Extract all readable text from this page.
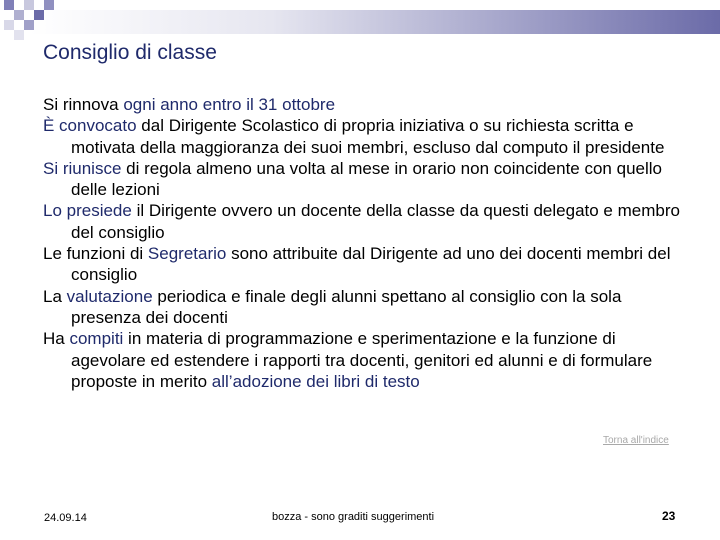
Consiglio di classe

Si rinnova ogni anno entro il 31 ottobre

È convocato dal Dirigente Scolastico di propria iniziativa o su richiesta scritta e motivata della maggioranza dei suoi membri, escluso dal computo il presidente

Si riunisce di regola almeno una volta al mese in orario non coincidente con quello delle lezioni

Lo presiede il Dirigente ovvero un docente della classe da questi delegato e membro del consiglio

Le funzioni di Segretario sono attribuite dal Dirigente ad uno dei docenti membri del consiglio

La valutazione periodica e finale degli alunni spettano al consiglio con la sola presenza dei docenti

Ha compiti in materia di programmazione e sperimentazione e la funzione di agevolare ed estendere i rapporti tra docenti, genitori ed alunni e di formulare proposte in merito all’adozione dei libri di testo

Torna all'indice
24.09.14	bozza - sono graditi suggerimenti	23
